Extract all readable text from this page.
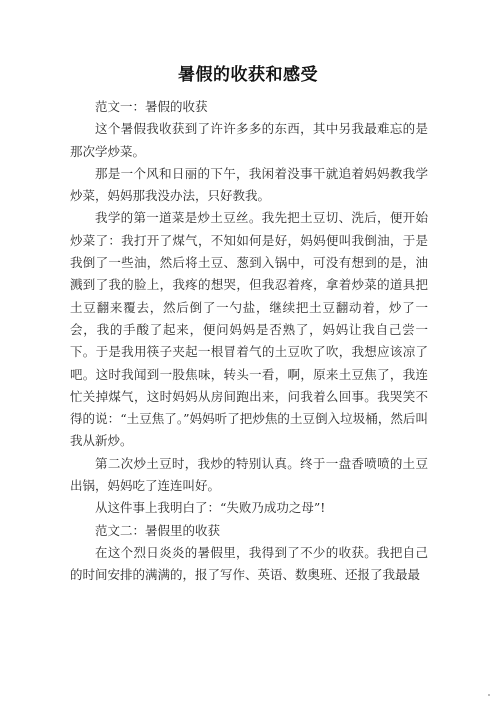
暑假的收获和感受

范文一：暑假的收获

这个暑假我收获到了许许多多的东西，其中另我最难忘的是那次学炒菜。

那是一个风和日丽的下午，我闲着没事干就追着妈妈教我学炒菜，妈妈那我没办法，只好教我。

我学的第一道菜是炒土豆丝。我先把土豆切、洗后，便开始炒菜了：我打开了煤气，不知如何是好，妈妈便叫我倒油，于是我倒了一些油，然后将土豆、葱到入锅中，可没有想到的是，油溅到了我的脸上，我疼的想哭，但我忍着疼，拿着炒菜的道具把土豆翻来覆去，然后倒了一勺盐，继续把土豆翻动着，炒了一会，我的手酸了起来，便问妈妈是否熟了，妈妈让我自己尝一下。于是我用筷子夹起一根冒着气的土豆吹了吹，我想应该凉了吧。这时我闻到一股焦味，转头一看，啊，原来土豆焦了，我连忙关掉煤气，这时妈妈从房间跑出来，问我着么回事。我哭笑不得的说：“土豆焦了。”妈妈听了把炒焦的土豆倒入垃圾桶，然后叫我从新炒。

第二次炒土豆时，我炒的特别认真。终于一盘香喷喷的土豆出锅，妈妈吃了连连叫好。

从这件事上我明白了：“失败乃成功之母”!

范文二：暑假里的收获

在这个烈日炎炎的暑假里，我得到了不少的收获。我把自己的时间安排的满满的，报了写作、英语、数奥班、还报了我最最
